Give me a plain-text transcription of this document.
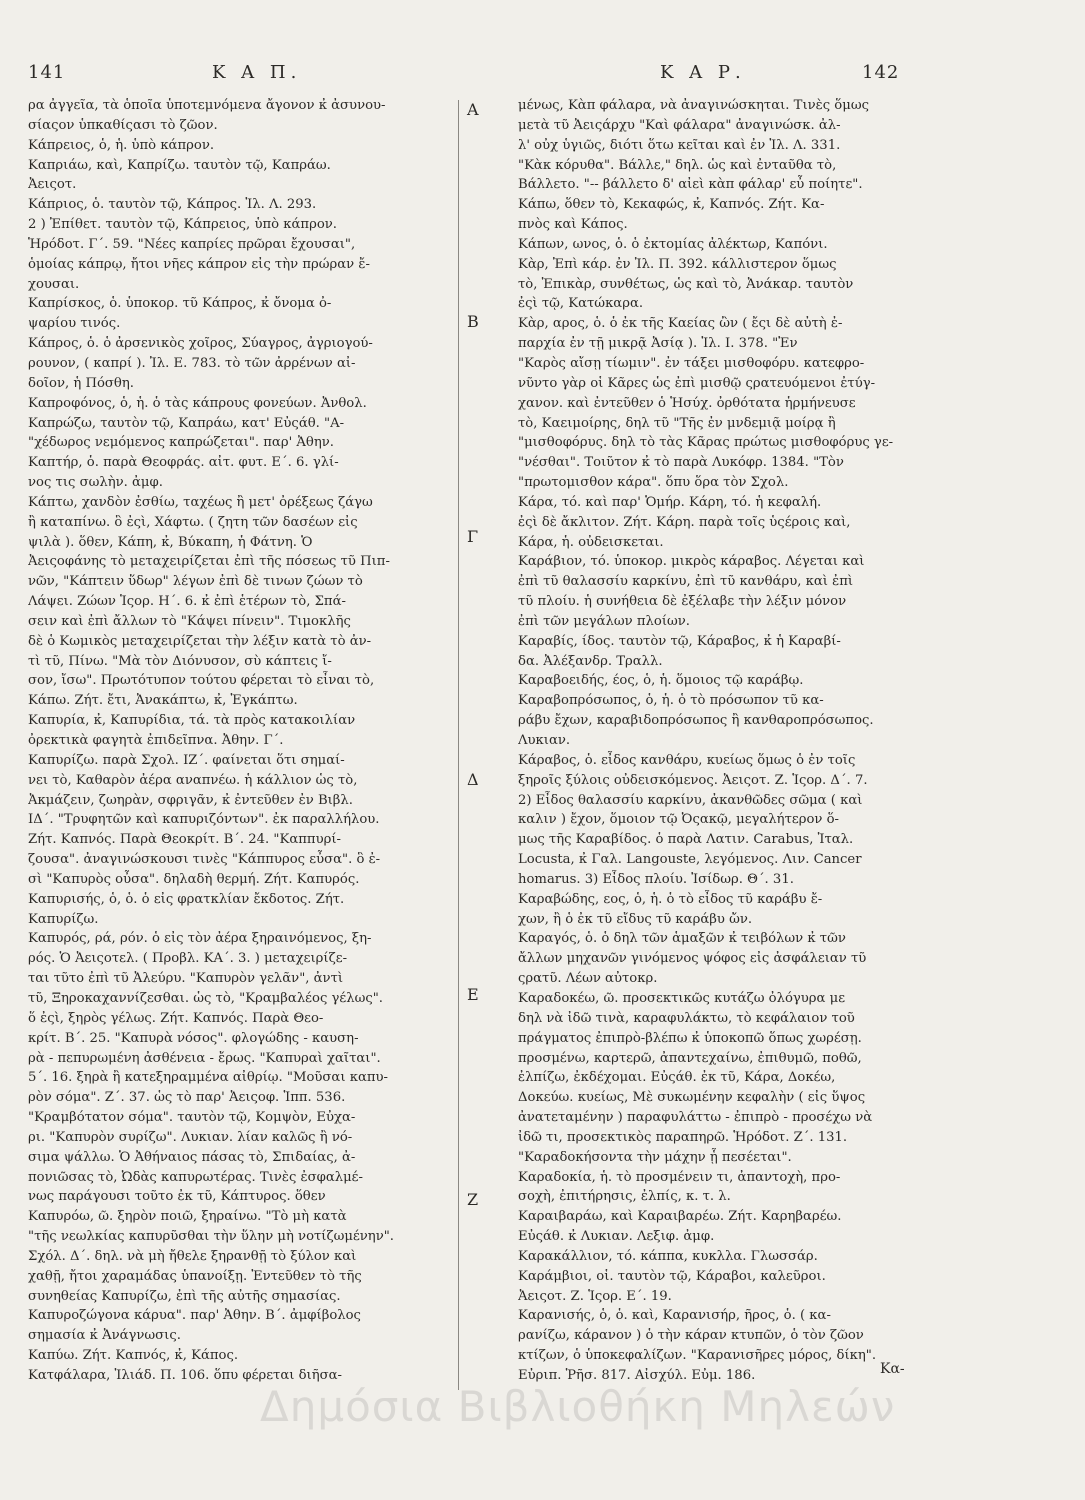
141	Κ Α Π.	Κ Α Ρ.	142
ρα ἀγγεῖα, τὰ ὁποῖα ὑποτεμνόμενα ἄγονον κ̓ ἀσυνου-
σίαςον ὑπκαθίςασι τὸ ζῶον.
Κάπρειος, ὁ, ἡ. ὑπὸ κάπρον.
Καπριάω, καὶ, Καπρίζω. ταυτὸν τῷ, Καπράω.
Ἀειςοτ.
Κάπριος, ὁ. ταυτὸν τῷ, Κάπρος. Ἰλ. Λ. 293.
2 ) Ἐπίθετ. ταυτὸν τῷ, Κάπρειος, ὑπὸ κάπρον.
Ἡρόδοτ. Γ΄. 59. "Νέες καπρίες πρῶραι ἔχουσαι",
ὁμοίας κάπρῳ, ἤτοι νῆες κάπρον εἰς τὴν πρώραν ἔ-
χουσαι.
Καπρίσκος, ὁ. ὑποκορ. τῦ Κάπρος, κ̓ ὄνομα ὀ-
ψαρίου τινός.
Κάπρος, ὁ. ὁ ἀρσενικὸς χοῖρος, Σύαγρος, ἀγριογού-
ρουνον, ( καπρί ). Ἰλ. Ε. 783. τὸ τῶν ἀρρένων αἰ-
δοῖον, ἡ Πόσθη.
Καπροφόνος, ὁ, ἡ. ὁ τὰς κάπρους φονεύων. Ἀνθολ.
Καπρώζω, ταυτὸν τῷ, Καπράω, κατ' Εὐςάθ. "Α-
"χέδωρος νεμόμενος καπρώζεται". παρ' Ἀθην.
Καπτήρ, ὁ. παρὰ Θεοφράς. αἰτ. φυτ. Ε΄. 6. γλί-
νος τις σωλὴν. ἀμφ.
Κάπτω, χανδὸν ἐσθίω, ταχέως ἢ μετ' ὀρέξεως ζάγω
ἢ καταπίνω. ὃ ἐςὶ, Χάφτω. ( ζητη τῶν δασέων εἰς
ψιλὰ ). ὅθεν, Κάπη, κ̓, Βύκαπη, ἡ Φάτνη. Ὁ
Ἀειςοφάνης τὸ μεταχειρίζεται ἐπὶ τῆς πόσεως τῦ Πιπ-
νῶν, "Κάπτειν ὕδωρ" λέγων ἐπὶ δὲ τινων ζώων τὸ
Λάψει. Ζώων Ἱςορ. Η΄. 6. κ̓ ἐπὶ ἑτέρων τὸ, Σπά-
σειν καὶ ἐπὶ ἄλλων τὸ "Κάψει πίνειν". Τιμοκλῆς
δὲ ὁ Κωμικὸς μεταχειρίζεται τὴν λέξιν κατὰ τὸ ἀν-
τὶ τῦ, Πίνω. "Μὰ τὸν Διόνυσον, σὺ κάπτεις ἴ-
σον, ἴσω". Πρωτότυπον τούτου φέρεται τὸ εἶναι τὸ,
Κάπω. Ζήτ. ἔτι, Ἀνακάπτω, κ̓, Ἐγκάπτω.
Καπυρία, κ̓, Καπυρίδια, τά. τὰ πρὸς κατακοιλίαν
ὀρεκτικὰ φαγητὰ ἐπιδεῖπνα. Ἀθην. Γ΄.
Καπυρίζω. παρὰ Σχολ. ΙΖ΄. φαίνεται ὅτι σημαί-
νει τὸ, Καθαρὸν ἀέρα αναπνέω. ἡ κάλλιον ὡς τὸ,
Ἀκμάζειν, ζωηρὰν, σφριγᾶν, κ̓ ἐντεῦθεν ἐν Βιβλ.
ΙΔ΄. "Τρυφητῶν καὶ καπυριζόντων". ἐκ παραλλήλου.
Ζήτ. Καπνός. Παρὰ Θεοκρίτ. Β΄. 24. "Καππυρί-
ζουσα". ἀναγινώσκουσι τινὲς "Κάππυρος εὖσα". ὃ ἐ-
σὶ "Καπυρὸς οὖσα". δηλαδὴ θερμή. Ζήτ. Καπυρός.
Καπυρισής, ὁ, ὁ. ὁ εἰς φρατκλίαν ἔκδοτος. Ζήτ.
Καπυρίζω.
Καπυρός, ρά, ρόν. ὁ εἰς τὸν ἀέρα ξηραινόμενος, ξη-
ρός. Ὁ Ἀειςοτελ. ( Προβλ. ΚΑ΄. 3. ) μεταχειρίζε-
ται τῦτο ἐπὶ τῦ Ἀλεύρυ. "Καπυρὸν γελᾶν", ἀντὶ
τῦ, Ξηροκαχαννίζεσθαι. ὡς τὸ, "Κραμβαλέος γέλως".
ὅ ἐςὶ, ξηρὸς γέλως. Ζήτ. Καπνός. Παρὰ Θεο-
κρίτ. Β΄. 25. "Καπυρὰ νόσος". φλογώδης - καυση-
ρὰ - πεπυρωμένη ἀσθένεια - ἔρως. "Καπυραὶ χαῖται".
5΄. 16. ξηρὰ ἢ κατεξηραμμένα αἰθρίῳ. "Μοῦσαι καπυ-
ρὸν σόμα". Ζ΄. 37. ὡς τὸ παρ' Ἀειςοφ. Ἱππ. 536.
"Κραμβότατον σόμα". ταυτὸν τῷ, Κομψὸν, Εὐχα-
ρι. "Καπυρὸν συρίζω". Λυκιαν. λίαν καλῶς ἢ νό-
σιμα ψάλλω. Ὁ Ἀθήναιος πάσας τὸ, Σπιδαίας, ἀ-
πονιῶσας τὸ, Ὠδὰς καπυρωτέρας. Τινὲς ἐσφαλμέ-
νως παράγουσι τοῦτο ἐκ τῦ, Κάπτυρος. ὅθεν
Καπυρόω, ῶ. ξηρὸν ποιῶ, ξηραίνω. "Τὸ μὴ κατὰ
"τῆς νεωλκίας καπυρῦσθαι τὴν ὕλην μὴ νοτίζωμένην".
Σχόλ. Δ΄. δηλ. νὰ μὴ ἤθελε ξηρανθῇ τὸ ξύλον καὶ
χαθῇ, ἤτοι χαραμάδας ὑπανοίξῃ. Ἐντεῦθεν τὸ τῆς
συνηθείας Καπυρίζω, ἐπὶ τῆς αὐτῆς σημασίας.
Καπυροζώγονα κάρυα". παρ' Ἀθην. Β΄. ἀμφίβολος
σημασία κ̓ Ἀνάγνωσις.
Καπύω. Ζήτ. Καπνός, κ̓, Κάπος.
Κατφάλαρα, Ἰλιάδ. Π. 106. ὅπυ φέρεται διῆσα-
μένως, Κὰπ φάλαρα, νὰ ἀναγινώσκηται. Τινὲς ὅμως
μετὰ τῦ Ἀειςάρχυ "Καὶ φάλαρα" ἀναγινώσκ. ἀλ-
λ' οὐχ ὑγιῶς, διότι ὅτω κεῖται καὶ ἐν Ἰλ. Λ. 331.
"Κὰκ κόρυθα". Βάλλε," δηλ. ὡς καὶ ἐνταῦθα τὸ,
Βάλλετο. "-- βάλλετο δ' αἰεὶ κὰπ φάλαρ' εὖ ποίητε".
Κάπω, ὅθεν τὸ, Κεκαφώς, κ̓, Καπνός. Ζήτ. Κα-
πνὸς καὶ Κάπος.
Κάπων, ωνος, ὁ. ὁ ἐκτομίας ἀλέκτωρ, Καπόνι.
Κὰρ, Ἐπὶ κάρ. ἐν Ἰλ. Π. 392. κάλλιστερον ὅμως
τὸ, Ἐπικὰρ, συνθέτως, ὡς καὶ τὸ, Ἀνάκαρ. ταυτὸν
ἐςὶ τῷ, Κατώκαρα.
Κὰρ, αρος, ὁ. ὁ ἐκ τῆς Καείας ὢν ( ἔςι δὲ αὐτὴ ἐ-
παρχία ἐν τῇ μικρᾷ Ἀσίᾳ ). Ἰλ. Ι. 378. "Ἐν
"Καρὸς αἴσῃ τίωμιν". ἐν τάξει μισθοφόρυ. κατεφρο-
νῦντο γὰρ οἱ Κᾶρες ὡς ἐπὶ μισθῷ ςρατευόμενοι ἐτύγ-
χανον. καὶ ἐντεῦθεν ὁ Ἡσύχ. ὀρθότατα ἡρμήνευσε
τὸ, Καειμοίρης, δηλ τῦ "Τῆς ἐν μνδεμιᾷ μοίρᾳ ἢ
"μισθοφόρυς. δηλ τὸ τὰς Κᾶρας πρώτως μισθοφόρυς γε-
"νέσθαι". Τοιῦτον κ̓ τὸ παρὰ Λυκόφρ. 1384. "Τὸν
"πρωτομισθον κάρα". ὅπυ ὅρα τὸν Σχολ.
Κάρα, τό. καὶ παρ' Ὁμήρ. Κάρη, τό. ἡ κεφαλή.
ἐςὶ δὲ ἄκλιτον. Ζήτ. Κάρη. παρὰ τοῖς ὑςέροις καὶ,
Κάρα, ἡ. οὐδεισκεται.
Καράβιον, τό. ὑποκορ. μικρὸς κάραβος. Λέγεται καὶ
ἐπὶ τῦ θαλασσίυ καρκίνυ, ἐπὶ τῦ κανθάρυ, καὶ ἐπὶ
τῦ πλοίυ. ἡ συνήθεια δὲ ἐξέλαβε τὴν λέξιν μόνον
ἐπὶ τῶν μεγάλων πλοίων.
Καραβίς, ίδος. ταυτὸν τῷ, Κάραβος, κ̓ ἡ Καραβί-
δα. Ἀλέξανδρ. Τραλλ.
Καραβοειδής, έος, ὁ, ἡ. ὅμοιος τῷ καράβῳ.
Καραβοπρόσωπος, ὁ, ἡ. ὁ τὸ πρόσωπον τῦ κα-
ράβυ ἔχων, καραβιδοπρόσωπος ἢ κανθαροπρόσωπος.
Λυκιαν.
Κάραβος, ὁ. εἶδος κανθάρυ, κυείως ὅμως ὁ ἐν τοῖς
ξηροῖς ξύλοις οὐδεισκόμενος. Ἀειςοτ. Ζ. Ἱςορ. Δ΄. 7.
2) Εἶδος θαλασσίυ καρκίνυ, ἀκανθῶδες σῶμα ( καὶ
καλιν ) ἔχον, ὅμοιον τῷ Ὀςακῷ, μεγαλήτερον ὅ-
μως τῆς Καραβίδος. ὁ παρὰ Λατιν. Carabus, Ἰταλ.
Locusta, κ̓ Γαλ. Langouste, λεγόμενος. Λιν. Cancer
homarus. 3) Εἶδος πλοίυ. Ἰσίδωρ. Θ΄. 31.
Καραβώδης, εος, ὁ, ἡ. ὁ τὸ εἶδος τῦ καράβυ ἔ-
χων, ἢ ὁ ἐκ τῦ εἴδυς τῦ καράβυ ὤν.
Καραγός, ὁ. ὁ δηλ τῶν ἁμαξῶν κ̓ τειβόλων κ̓ τῶν
ἄλλων μηχανῶν γινόμενος ψόφος εἰς ἀσφάλειαν τῦ
ςρατῦ. Λέων αὐτοκρ.
Καραδοκέω, ῶ. προσεκτικῶς κυτάζω ὀλόγυρα με
δηλ νὰ ἰδῶ τινὰ, καραφυλάκτω, τὸ κεφάλαιον τοῦ
πράγματος ἐπιπρὸ-βλέπω κ̓ ὑποκοπῶ ὅπως χωρέσῃ.
προσμένω, καρτερῶ, ἀπαντεχαίνω, ἐπιθυμῶ, ποθῶ,
ἐλπίζω, ἐκδέχομαι. Εὐςάθ. ἐκ τῦ, Κάρα, Δοκέω,
Δοκεύω. κυείως, Μὲ συκωμένην κεφαλὴν ( εἰς ὕψος
ἀνατεταμένην ) παραφυλάττω - ἐπιπρὸ - προσέχω νὰ
ἰδῶ τι, προσεκτικὸς παραπηρῶ. Ἡρόδοτ. Ζ΄. 131.
"Καραδοκήσοντα τὴν μάχην ᾗ πεσέεται".
Καραδοκία, ἡ. τὸ προσμένειν τι, ἀπαντοχὴ, προ-
σοχὴ, ἐπιτήρησις, ἐλπίς, κ. τ. λ.
Καραιβαράω, καὶ Καραιβαρέω. Ζήτ. Καρηβαρέω.
Εὐςάθ. κ̓ Λυκιαν. Λεξιφ. ἀμφ.
Καρακάλλιον, τό. κάππα, κυκλλα. Γλωσσάρ.
Καράμβιοι, οἱ. ταυτὸν τῷ, Κάραβοι, καλεῦροι.
Ἀειςοτ. Ζ. Ἱςορ. Ε΄. 19.
Καρανισής, ὁ, ὁ. καὶ, Καρανισήρ, ῆρος, ὁ. ( κα-
ρανίζω, κάρανον ) ὁ τὴν κάραν κτυπῶν, ὁ τὸν ζῶον
κτίζων, ὁ ὑποκεφαλίζων. "Καρανισῆρες μόρος, δίκη".
Εὐριπ. Ῥῆσ. 817. Αἰσχύλ. Εὐμ. 186.
Α
Β
Γ
Δ
Ε
Ζ
Κα-
Δημόσια Βιβλιοθήκη Μηλεών
